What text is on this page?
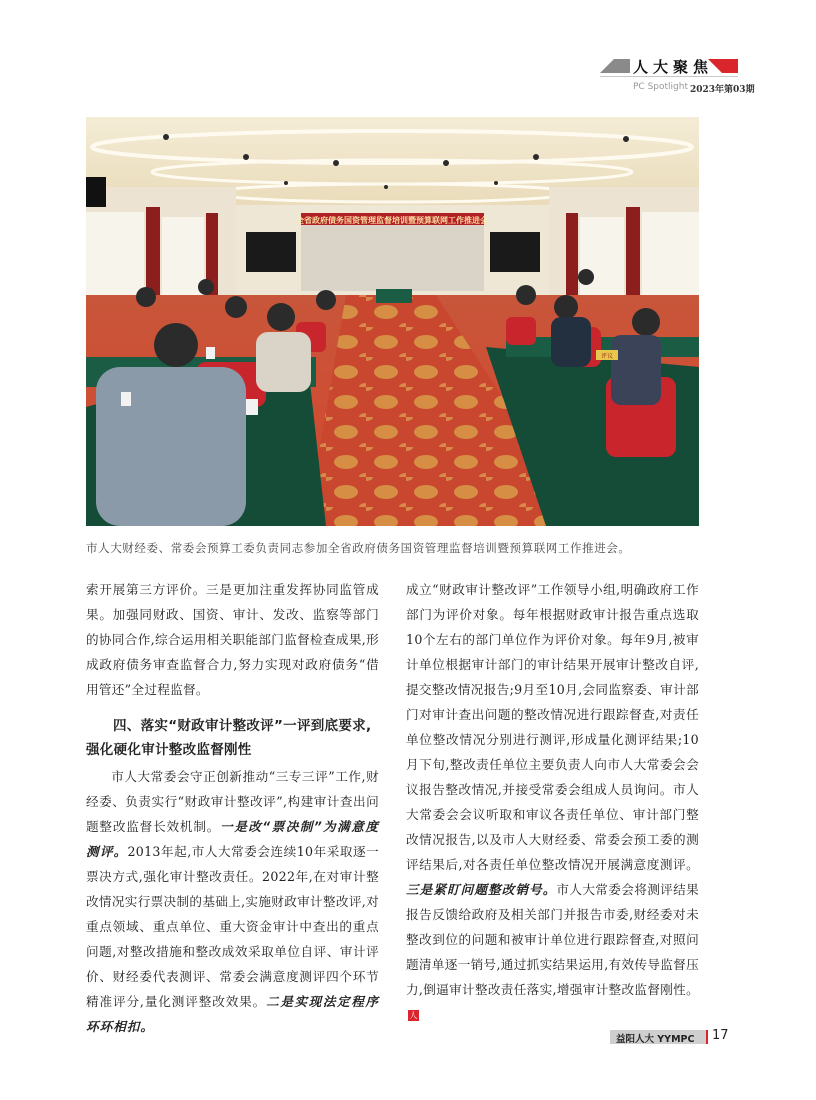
人大聚焦
PC Spotlight 2023年第03期
全省政府债务国资管理监督培训暨预算联网工作推进会
评议
市人大财经委、常委会预算工委负责同志参加全省政府债务国资管理监督培训暨预算联网工作推进会。

索开展第三方评价。三是更加注重发挥协同监管成果。加强同财政、国资、审计、发改、监察等部门的协同合作,综合运用相关职能部门监督检查成果,形成政府债务审查监督合力,努力实现对政府债务“借用管还”全过程监督。

四、落实“财政审计整改评”一评到底要求,
强化硬化审计整改监督刚性

市人大常委会守正创新推动“三专三评”工作,财经委、负责实行“财政审计整改评”,构建审计查出问题整改监督长效机制。一是改“票决制”为满意度测评。2013年起,市人大常委会连续10年采取逐一票决方式,强化审计整改责任。2022年,在对审计整改情况实行票决制的基础上,实施财政审计整改评,对重点领域、重点单位、重大资金审计中查出的重点问题,对整改措施和整改成效采取单位自评、审计评价、财经委代表测评、常委会满意度测评四个环节精准评分,量化测评整改效果。二是实现法定程序环环相扣。

成立“财政审计整改评”工作领导小组,明确政府工作部门为评价对象。每年根据财政审计报告重点选取10个左右的部门单位作为评价对象。每年9月,被审计单位根据审计部门的审计结果开展审计整改自评,提交整改情况报告;9月至10月,会同监察委、审计部门对审计查出问题的整改情况进行跟踪督查,对责任单位整改情况分别进行测评,形成量化测评结果;10月下旬,整改责任单位主要负责人向市人大常委会会议报告整改情况,并接受常委会组成人员询问。市人大常委会会议听取和审议各责任单位、审计部门整改情况报告,以及市人大财经委、常委会预工委的测评结果后,对各责任单位整改情况开展满意度测评。三是紧盯问题整改销号。市人大常委会将测评结果报告反馈给政府及相关部门并报告市委,财经委对未整改到位的问题和被审计单位进行跟踪督查,对照问题清单逐一销号,通过抓实结果运用,有效传导监督压力,倒逼审计整改责任落实,增强审计整改监督刚性。人

益阳人大 YYMPC 17
